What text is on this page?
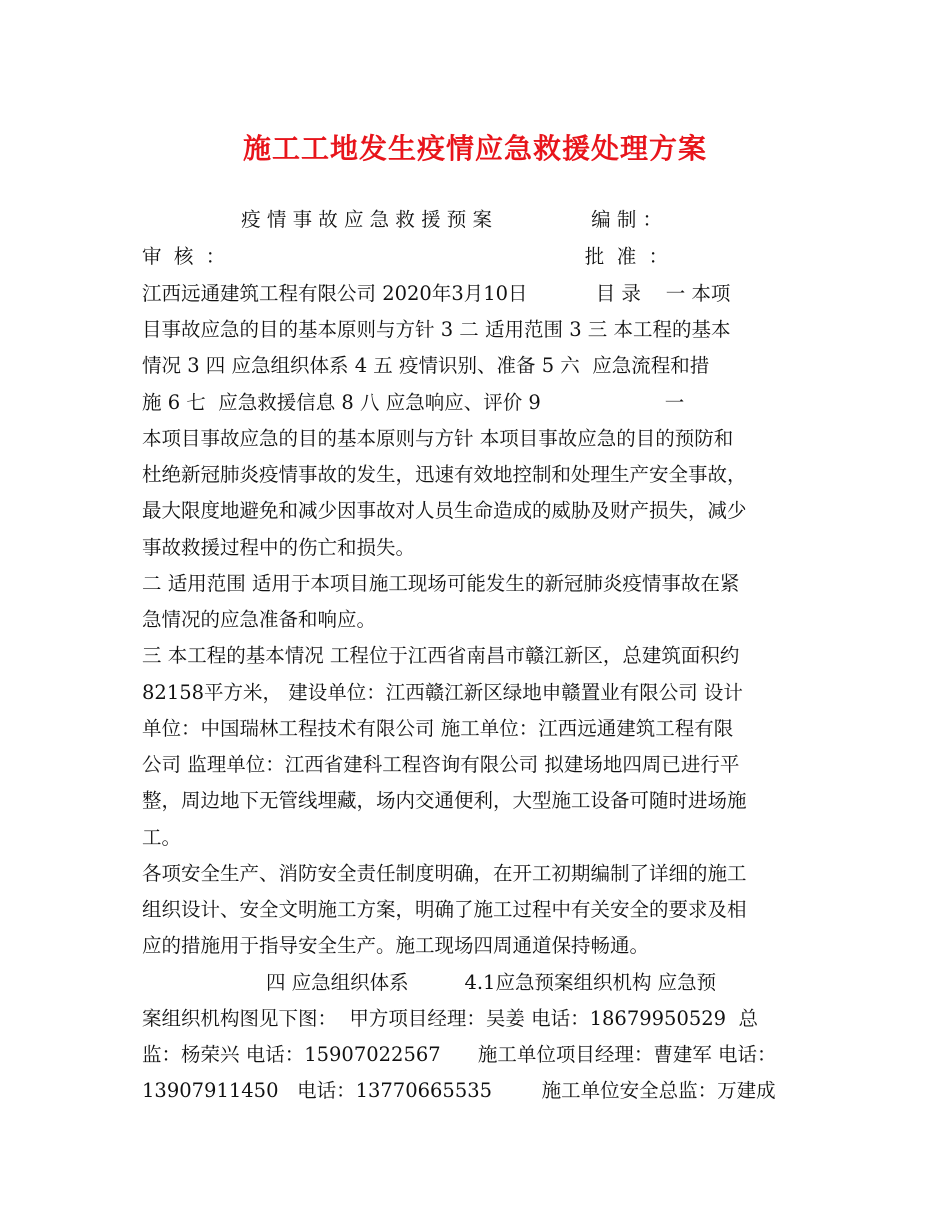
施工工地发生疫情应急救援处理方案
疫 情 事 故 应 急 救 援 预 案                编 制 ：
审  核  ：                                                          批  准  ：
江西远通建筑工程有限公司 2020年3月10日           目 录    一 本项
目事故应急的目的基本原则与方针 3 二 适用范围 3 三 本工程的基本
情况 3 四 应急组织体系 4 五 疫情识别、准备 5 六  应急流程和措
施 6 七  应急救援信息 8 八 应急响应、评价 9                    一
本项目事故应急的目的基本原则与方针 本项目事故应急的目的预防和
杜绝新冠肺炎疫情事故的发生，迅速有效地控制和处理生产安全事故，
最大限度地避免和减少因事故对人员生命造成的威胁及财产损失，减少
事故救援过程中的伤亡和损失。
二 适用范围 适用于本项目施工现场可能发生的新冠肺炎疫情事故在紧
急情况的应急准备和响应。
三 本工程的基本情况 工程位于江西省南昌市赣江新区，总建筑面积约
82158平方米， 建设单位：江西赣江新区绿地申赣置业有限公司 设计
单位：中国瑞林工程技术有限公司 施工单位：江西远通建筑工程有限
公司 监理单位：江西省建科工程咨询有限公司 拟建场地四周已进行平
整，周边地下无管线埋藏，场内交通便利，大型施工设备可随时进场施
工。
各项安全生产、消防安全责任制度明确，在开工初期编制了详细的施工
组织设计、安全文明施工方案，明确了施工过程中有关安全的要求及相
应的措施用于指导安全生产。施工现场四周通道保持畅通。
四 应急组织体系         4.1应急预案组织机构 应急预
案组织机构图见下图：  甲方项目经理：吴姜 电话：18679950529  总
监：杨荣兴 电话：15907022567      施工单位项目经理：曹建军 电话：
13907911450   电话：13770665535        施工单位安全总监：万建成
